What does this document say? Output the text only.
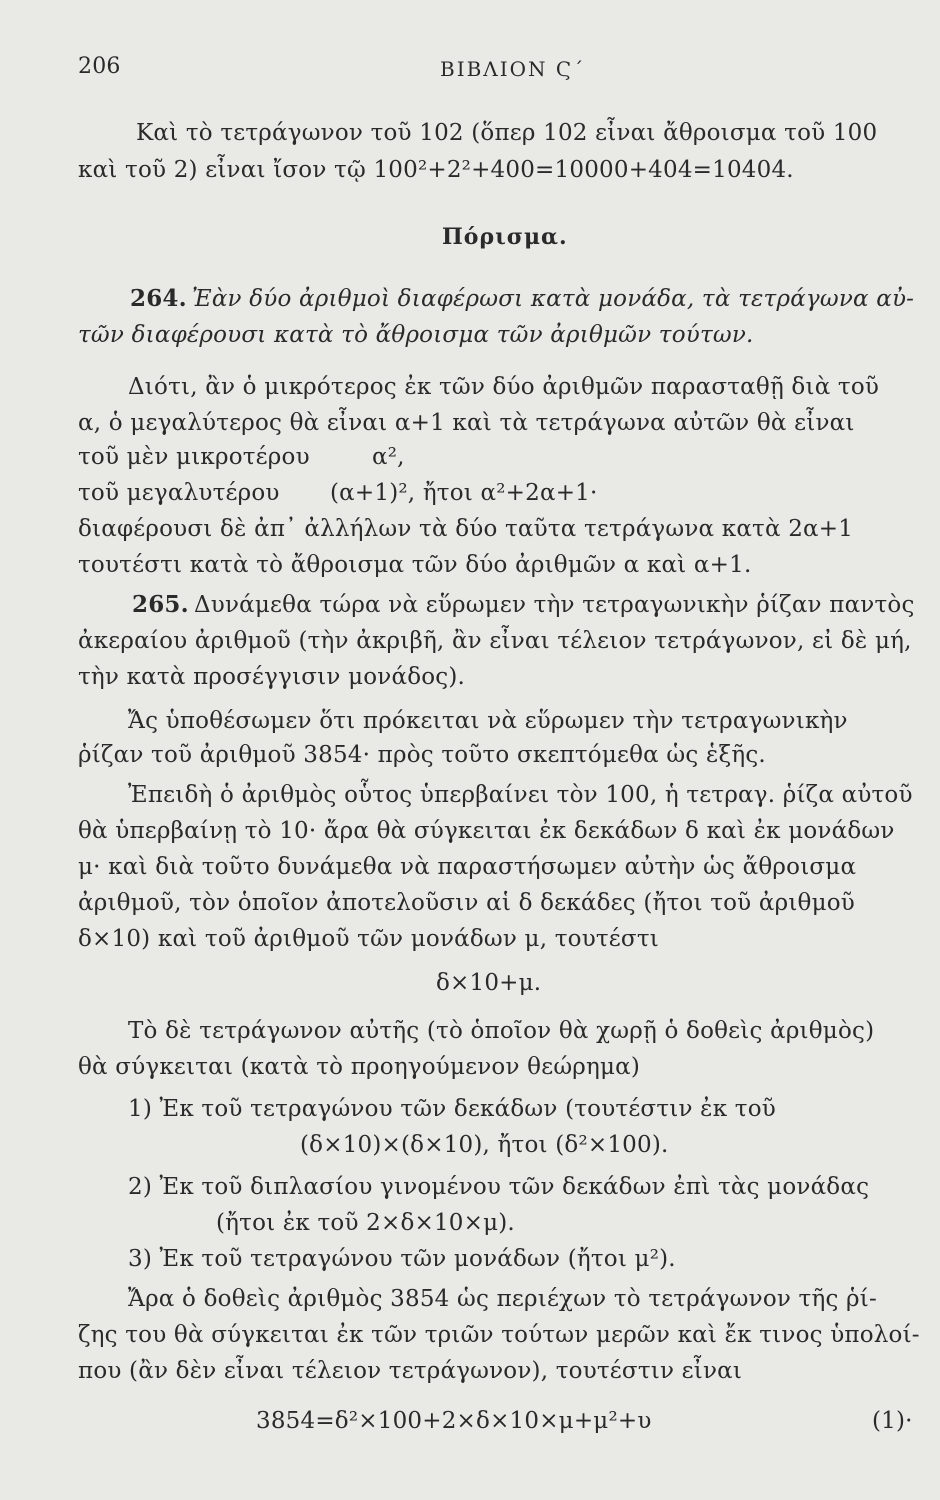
206	ΒΙΒΛΙΟΝ Ϛ΄
Καὶ τὸ τετράγωνον τοῦ 102 (ὅπερ 102 εἶναι ἄθροισμα τοῦ 100
καὶ τοῦ 2) εἶναι ἴσον τῷ 100²+2²+400=10000+404=10404.
Πόρισμα.
264. Ἐὰν δύο ἀριθμοὶ διαφέρωσι κατὰ μονάδα, τὰ τετράγωνα αὐ-
τῶν διαφέρουσι κατὰ τὸ ἄθροισμα τῶν ἀριθμῶν τούτων.
Διότι, ἂν ὁ μικρότερος ἐκ τῶν δύο ἀριθμῶν παρασταθῇ διὰ τοῦ
α, ὁ μεγαλύτερος θὰ εἶναι α+1 καὶ τὰ τετράγωνα αὐτῶν θὰ εἶναι
τοῦ μὲν μικροτέρου	α²,
τοῦ μεγαλυτέρου (α+1)², ἤτοι α²+2α+1·
διαφέρουσι δὲ ἀπ᾽ ἀλλήλων τὰ δύο ταῦτα τετράγωνα κατὰ 2α+1
τουτέστι κατὰ τὸ ἄθροισμα τῶν δύο ἀριθμῶν α καὶ α+1.
265. Δυνάμεθα τώρα νὰ εὕρωμεν τὴν τετραγωνικὴν ῥίζαν παντὸς
ἀκεραίου ἀριθμοῦ (τὴν ἀκριβῆ, ἂν εἶναι τέλειον τετράγωνον, εἰ δὲ μή,
τὴν κατὰ προσέγγισιν μονάδος).
Ἄς ὑποθέσωμεν ὅτι πρόκειται νὰ εὕρωμεν τὴν τετραγωνικὴν
ῥίζαν τοῦ ἀριθμοῦ 3854· πρὸς τοῦτο σκεπτόμεθα ὡς ἑξῆς.
Ἐπειδὴ ὁ ἀριθμὸς οὗτος ὑπερβαίνει τὸν 100, ἡ τετραγ. ῥίζα αὐτοῦ
θὰ ὑπερβαίνῃ τὸ 10· ἄρα θὰ σύγκειται ἐκ δεκάδων δ καὶ ἐκ μονάδων
μ· καὶ διὰ τοῦτο δυνάμεθα νὰ παραστήσωμεν αὐτὴν ὡς ἄθροισμα
ἀριθμοῦ, τὸν ὁποῖον ἀποτελοῦσιν αἱ δ δεκάδες (ἤτοι τοῦ ἀριθμοῦ
δ×10) καὶ τοῦ ἀριθμοῦ τῶν μονάδων μ, τουτέστι
δ×10+μ.
Τὸ δὲ τετράγωνον αὐτῆς (τὸ ὁποῖον θὰ χωρῇ ὁ δοθεὶς ἀριθμὸς)
θὰ σύγκειται (κατὰ τὸ προηγούμενον θεώρημα)
1) Ἐκ τοῦ τετραγώνου τῶν δεκάδων (τουτέστιν ἐκ τοῦ
(δ×10)×(δ×10), ἤτοι (δ²×100).
2) Ἐκ τοῦ διπλασίου γινομένου τῶν δεκάδων ἐπὶ τὰς μονάδας
(ἤτοι ἐκ τοῦ 2×δ×10×μ).
3) Ἐκ τοῦ τετραγώνου τῶν μονάδων (ἤτοι μ²).
Ἄρα ὁ δοθεὶς ἀριθμὸς 3854 ὡς περιέχων τὸ τετράγωνον τῆς ῥί-
ζης του θὰ σύγκειται ἐκ τῶν τριῶν τούτων μερῶν καὶ ἔκ τινος ὑπολοί-
που (ἂν δὲν εἶναι τέλειον τετράγωνον), τουτέστιν εἶναι
3854=δ²×100+2×δ×10×μ+μ²+υ	(1)·
